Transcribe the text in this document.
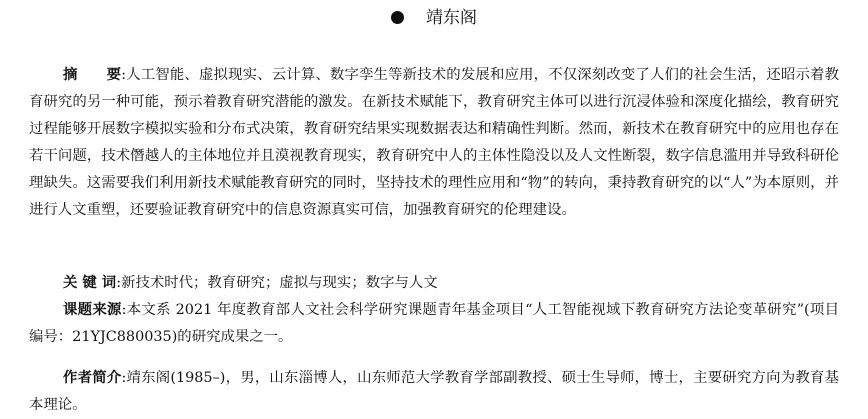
靖东阁
摘　　要:人工智能、虚拟现实、云计算、数字孪生等新技术的发展和应用，不仅深刻改变了人们的社会生活，还昭示着教育研究的另一种可能，预示着教育研究潜能的激发。在新技术赋能下，教育研究主体可以进行沉浸体验和深度化描绘，教育研究过程能够开展数字模拟实验和分布式决策，教育研究结果实现数据表达和精确性判断。然而，新技术在教育研究中的应用也存在若干问题，技术僭越人的主体地位并且漠视教育现实，教育研究中人的主体性隐没以及人文性断裂，数字信息滥用并导致科研伦理缺失。这需要我们利用新技术赋能教育研究的同时，坚持技术的理性应用和“物”的转向，秉持教育研究的以“人”为本原则，并进行人文重塑，还要验证教育研究中的信息资源真实可信，加强教育研究的伦理建设。
关 键 词:新技术时代；教育研究；虚拟与现实；数字与人文
课题来源:本文系 2021 年度教育部人文社会科学研究课题青年基金项目“人工智能视域下教育研究方法论变革研究”(项目编号：21YJC880035)的研究成果之一。
作者简介:靖东阁(1985–)，男，山东淄博人，山东师范大学教育学部副教授、硕士生导师，博士，主要研究方向为教育基本理论。
